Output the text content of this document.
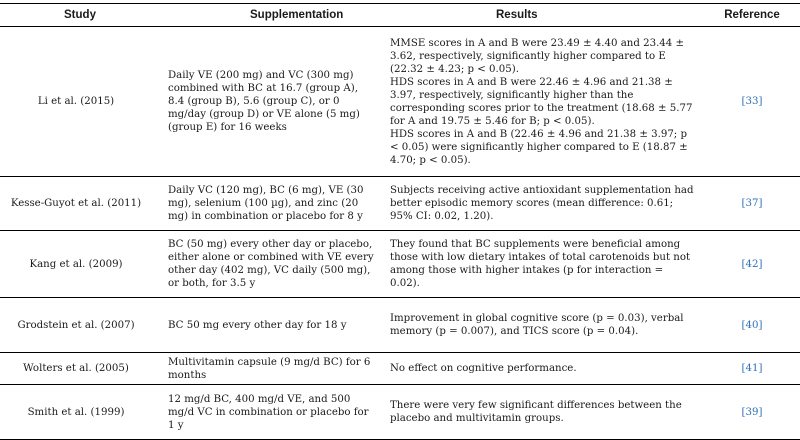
Study	Supplementation	Results	Reference
Li et al. (2015)	Daily VE (200 mg) and VC (300 mg) combined with BC at 16.7 (group A), 8.4 (group B), 5.6 (group C), or 0 mg/day (group D) or VE alone (5 mg) (group E) for 16 weeks	MMSE scores in A and B were 23.49 ± 4.40 and 23.44 ± 3.62, respectively, significantly higher compared to E (22.32 ± 4.23; p < 0.05).
HDS scores in A and B were 22.46 ± 4.96 and 21.38 ± 3.97, respectively, significantly higher than the corresponding scores prior to the treatment (18.68 ± 5.77 for A and 19.75 ± 5.46 for B; p < 0.05).
HDS scores in A and B (22.46 ± 4.96 and 21.38 ± 3.97; p < 0.05) were significantly higher compared to E (18.87 ± 4.70; p < 0.05).	[33]
Kesse-Guyot et al. (2011)	Daily VC (120 mg), BC (6 mg), VE (30 mg), selenium (100 µg), and zinc (20 mg) in combination or placebo for 8 y	Subjects receiving active antioxidant supplementation had better episodic memory scores (mean difference: 0.61; 95% CI: 0.02, 1.20).	[37]
Kang et al. (2009)	BC (50 mg) every other day or placebo, either alone or combined with VE every other day (402 mg), VC daily (500 mg), or both, for 3.5 y	They found that BC supplements were beneficial among those with low dietary intakes of total carotenoids but not among those with higher intakes (p for interaction = 0.02).	[42]
Grodstein et al. (2007)	BC 50 mg every other day for 18 y	Improvement in global cognitive score (p = 0.03), verbal memory (p = 0.007), and TICS score (p = 0.04).	[40]
Wolters et al. (2005)	Multivitamin capsule (9 mg/d BC) for 6 months	No effect on cognitive performance.	[41]
Smith et al. (1999)	12 mg/d BC, 400 mg/d VE, and 500 mg/d VC in combination or placebo for 1 y	There were very few significant differences between the placebo and multivitamin groups.	[39]
